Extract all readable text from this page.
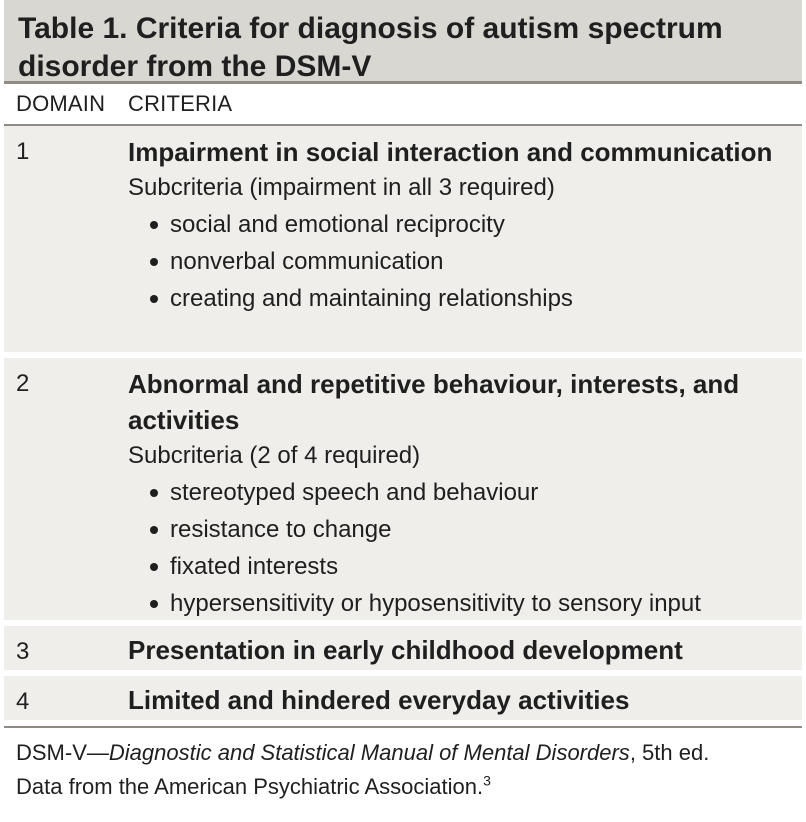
Table 1. Criteria for diagnosis of autism spectrum disorder from the DSM-V
DOMAIN	CRITERIA
1	Impairment in social interaction and communication

Subcriteria (impairment in all 3 required)

social and emotional reciprocity
nonverbal communication
creating and maintaining relationships
2	Abnormal and repetitive behaviour, interests, and activities

Subcriteria (2 of 4 required)

stereotyped speech and behaviour
resistance to change
fixated interests
hypersensitivity or hyposensitivity to sensory input
3	Presentation in early childhood development

4	Limited and hindered everyday activities

DSM-V—Diagnostic and Statistical Manual of Mental Disorders, 5th ed.
Data from the American Psychiatric Association.$^3$
